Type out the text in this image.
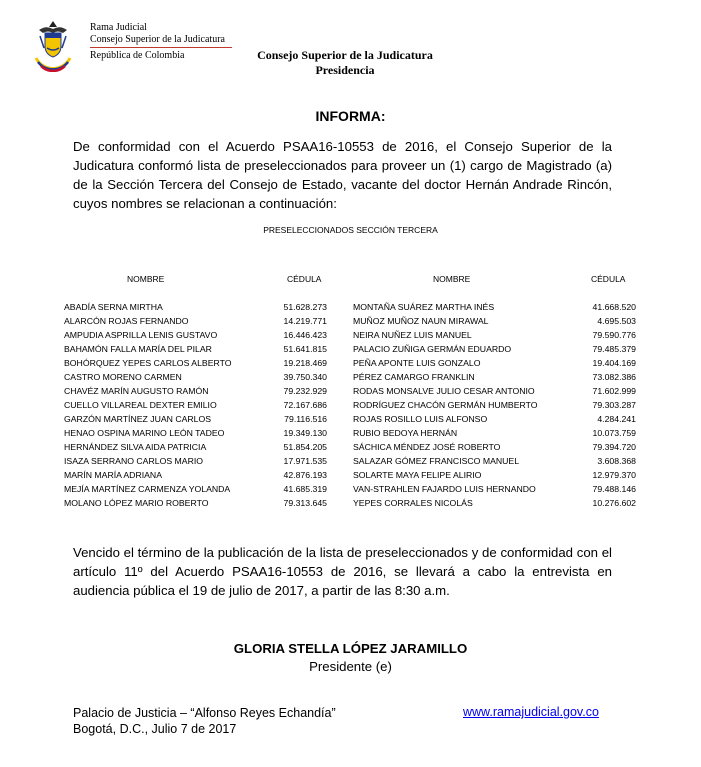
Rama Judicial
Consejo Superior de la Judicatura
República de Colombia	Consejo Superior de la Judicatura
Presidencia
INFORMA:
De conformidad con el Acuerdo PSAA16-10553 de 2016, el Consejo Superior de la Judicatura conformó lista de preseleccionados para proveer un (1) cargo de Magistrado (a) de la Sección Tercera del Consejo de Estado, vacante del doctor Hernán Andrade Rincón, cuyos nombres se relacionan a continuación:
PRESELECCIONADOS SECCIÓN TERCERA
NOMBRE	CÉDULA	NOMBRE	CÉDULA
ABADÍA SERNA MIRTHA	51.628.273
ALARCÓN ROJAS FERNANDO	14.219.771
AMPUDIA ASPRILLA LENIS GUSTAVO	16.446.423
BAHAMÓN FALLA MARÍA DEL PILAR	51.641.815
BOHÓRQUEZ YEPES CARLOS ALBERTO	19.218.469
CASTRO MORENO CARMEN	39.750.340
CHAVÉZ MARÍN AUGUSTO RAMÓN	79.232.929
CUELLO VILLAREAL DEXTER EMILIO	72.167.686
GARZÓN MARTÍNEZ JUAN CARLOS	79.116.516
HENAO OSPINA MARINO LEÓN TADEO	19.349.130
HERNÁNDEZ SILVA AIDA PATRICIA	51.854.205
ISAZA SERRANO CARLOS MARIO	17.971.535
MARÍN MARÍA ADRIANA	42.876.193
MEJÍA MARTÍNEZ CARMENZA YOLANDA	41.685.319
MOLANO LÓPEZ MARIO ROBERTO	79.313.645
MONTAÑA SUÁREZ MARTHA INÉS	41.668.520
MUÑOZ MUÑOZ NAUN MIRAWAL	4.695.503
NEIRA NUÑEZ LUIS MANUEL	79.590.776
PALACIO ZUÑIGA GERMÁN EDUARDO	79.485.379
PEÑA APONTE LUIS GONZALO	19.404.169
PÉREZ CAMARGO FRANKLIN	73.082.386
RODAS MONSALVE JULIO CESAR ANTONIO	71.602.999
RODRÍGUEZ CHACÓN GERMÁN HUMBERTO	79.303.287
ROJAS ROSILLO LUIS ALFONSO	4.284.241
RUBIO BEDOYA HERNÁN	10.073.759
SÁCHICA MÉNDEZ JOSÉ ROBERTO	79.394.720
SALAZAR GÓMEZ FRANCISCO MANUEL	3.608.368
SOLARTE MAYA FELIPE ALIRIO	12.979.370
VAN-STRAHLEN FAJARDO LUIS HERNANDO	79.488.146
YEPES CORRALES NICOLÁS	10.276.602
Vencido el término de la publicación de la lista de preseleccionados y de conformidad con el artículo 11º del Acuerdo PSAA16-10553 de 2016, se llevará a cabo la entrevista en audiencia pública el 19 de julio de 2017, a partir de las 8:30 a.m.
GLORIA STELLA LÓPEZ JARAMILLO
Presidente (e)
Palacio de Justicia – “Alfonso Reyes Echandía”
Bogotá, D.C., Julio 7 de 2017
www.ramajudicial.gov.co
